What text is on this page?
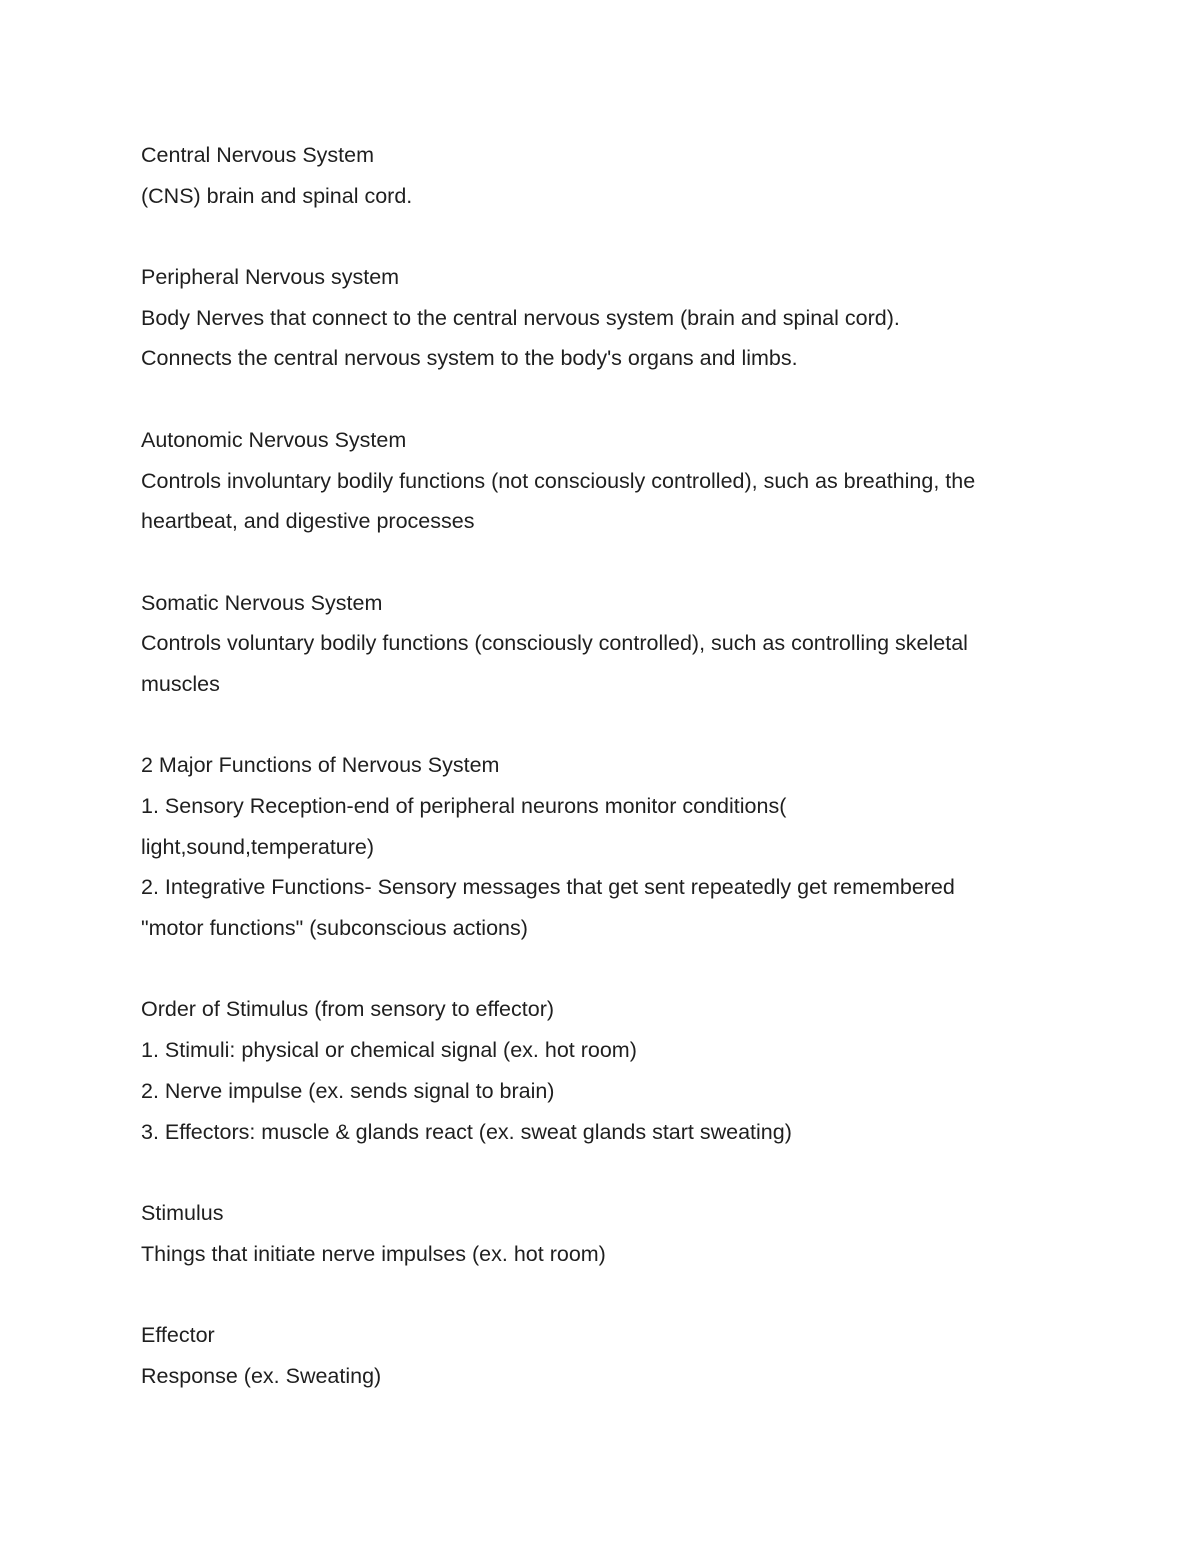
Central Nervous System
(CNS) brain and spinal cord.
Peripheral Nervous system
Body Nerves that connect to the central nervous system (brain and spinal cord).
Connects the central nervous system to the body's organs and limbs.
Autonomic Nervous System
Controls involuntary bodily functions (not consciously controlled), such as breathing, the
heartbeat, and digestive processes
Somatic Nervous System
Controls voluntary bodily functions (consciously controlled), such as controlling skeletal
muscles
2 Major Functions of Nervous System
1. Sensory Reception-end of peripheral neurons monitor conditions(
light,sound,temperature)
2. Integrative Functions- Sensory messages that get sent repeatedly get remembered
"motor functions" (subconscious actions)
Order of Stimulus (from sensory to effector)
1. Stimuli: physical or chemical signal (ex. hot room)
2. Nerve impulse (ex. sends signal to brain)
3. Effectors: muscle & glands react (ex. sweat glands start sweating)
Stimulus
Things that initiate nerve impulses (ex. hot room)
Effector
Response (ex. Sweating)
